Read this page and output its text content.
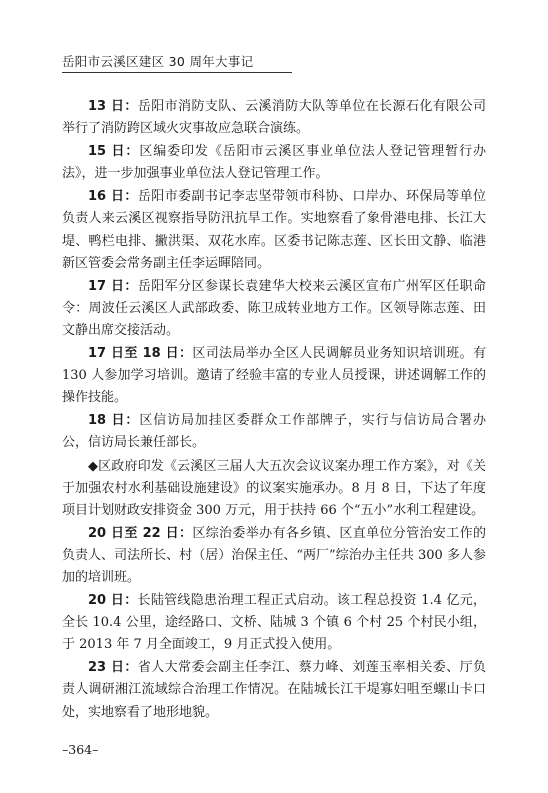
岳阳市云溪区建区 30 周年大事记

13 日：岳阳市消防支队、云溪消防大队等单位在长源石化有限公司举行了消防跨区域火灾事故应急联合演练。

15 日：区编委印发《岳阳市云溪区事业单位法人登记管理暂行办法》，进一步加强事业单位法人登记管理工作。

16 日：岳阳市委副书记李志坚带领市科协、口岸办、环保局等单位负责人来云溪区视察指导防汛抗旱工作。实地察看了象骨港电排、长江大堤、鸭栏电排、撇洪渠、双花水库。区委书记陈志莲、区长田文静、临港新区管委会常务副主任李运暉陪同。

17 日：岳阳军分区参谋长袁建华大校来云溪区宣布广州军区任职命令：周波任云溪区人武部政委、陈卫成转业地方工作。区领导陈志莲、田文静出席交接活动。

17 日至 18 日：区司法局举办全区人民调解员业务知识培训班。有 130 人参加学习培训。邀请了经验丰富的专业人员授课，讲述调解工作的操作技能。

18 日：区信访局加挂区委群众工作部牌子，实行与信访局合署办公，信访局长兼任部长。

◆区政府印发《云溪区三届人大五次会议议案办理工作方案》，对《关于加强农村水利基础设施建设》的议案实施承办。8 月 8 日，下达了年度项目计划财政安排资金 300 万元，用于扶持 66 个“五小”水利工程建设。

20 日至 22 日：区综治委举办有各乡镇、区直单位分管治安工作的负责人、司法所长、村（居）治保主任、“两厂”综治办主任共 300 多人参加的培训班。

20 日：长陆管线隐患治理工程正式启动。该工程总投资 1.4 亿元，全长 10.4 公里，途经路口、文桥、陆城 3 个镇 6 个村 25 个村民小组，于 2013 年 7 月全面竣工，9 月正式投入使用。

23 日：省人大常委会副主任李江、蔡力峰、刘莲玉率相关委、厅负责人调研湘江流域综合治理工作情况。在陆城长江干堤寡妇咀至螺山卡口处，实地察看了地形地貌。

–364–
